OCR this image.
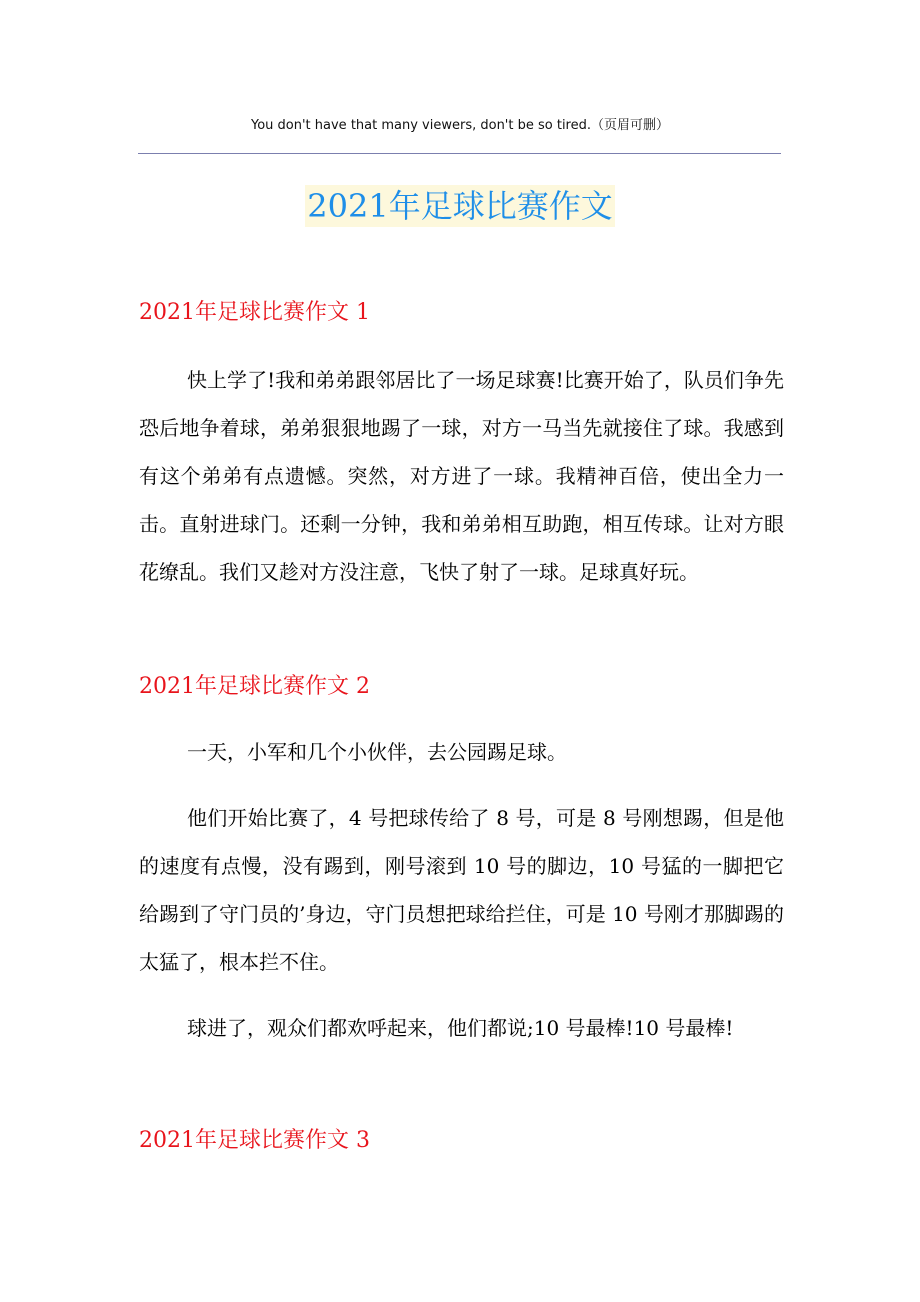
You don't have that many viewers, don't be so tired.（页眉可删）
2021年足球比赛作文
2021年足球比赛作文 1

快上学了!我和弟弟跟邻居比了一场足球赛!比赛开始了，队员们争先恐后地争着球，弟弟狠狠地踢了一球，对方一马当先就接住了球。我感到有这个弟弟有点遗憾。突然，对方进了一球。我精神百倍，使出全力一击。直射进球门。还剩一分钟，我和弟弟相互助跑，相互传球。让对方眼花缭乱。我们又趁对方没注意，飞快了射了一球。足球真好玩。

2021年足球比赛作文 2

一天，小军和几个小伙伴，去公园踢足球。

他们开始比赛了，4 号把球传给了 8 号，可是 8 号刚想踢，但是他的速度有点慢，没有踢到，刚号滚到 10 号的脚边，10 号猛的一脚把它给踢到了守门员的’身边，守门员想把球给拦住，可是 10 号刚才那脚踢的太猛了，根本拦不住。

球进了，观众们都欢呼起来，他们都说;10 号最棒!10 号最棒!

2021年足球比赛作文 3
